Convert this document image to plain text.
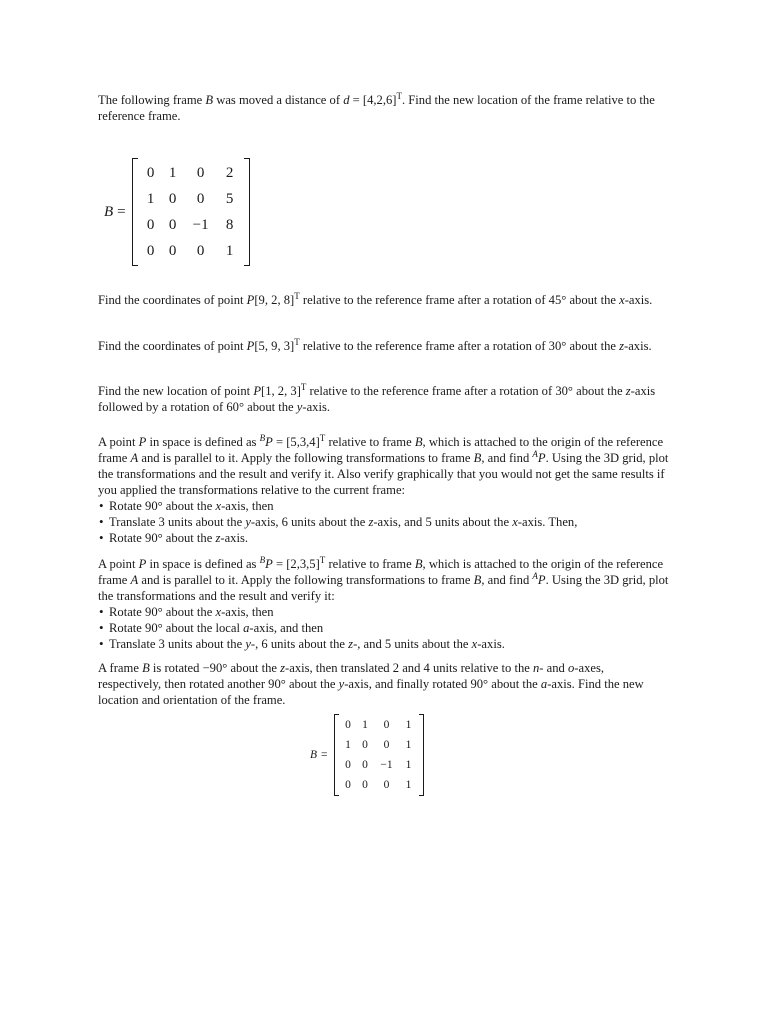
The following frame B was moved a distance of $d = [4,2,6]^T$. Find the new location of the frame relative to the reference frame.

B =
0 1	0	2
1 0	0	5
0 0	−1	8
0 0	0	1

Find the coordinates of point P[9, 2, 8]$^T$ relative to the reference frame after a rotation of 45° about the x-axis.

Find the coordinates of point P[5, 9, 3]$^T$ relative to the reference frame after a rotation of 30° about the z-axis.

Find the new location of point P[1, 2, 3]$^T$ relative to the reference frame after a rotation of 30° about the z-axis followed by a rotation of 60° about the y-axis.

A point P in space is defined as $^BP = [5,3,4]^T$ relative to frame B, which is attached to the origin of the reference frame A and is parallel to it. Apply the following transformations to frame B, and find $^A$P. Using the 3D grid, plot the transformations and the result and verify it. Also verify graphically that you would not get the same results if you applied the transformations relative to the current frame:

• Rotate 90° about the x-axis, then
• Translate 3 units about the y-axis, 6 units about the z-axis, and 5 units about the x-axis. Then,
• Rotate 90° about the z-axis.

A point P in space is defined as $^BP = [2,3,5]^T$ relative to frame B, which is attached to the origin of the reference frame A and is parallel to it. Apply the following transformations to frame B, and find $^A$P. Using the 3D grid, plot the transformations and the result and verify it:

• Rotate 90° about the x-axis, then
• Rotate 90° about the local a-axis, and then
• Translate 3 units about the y-, 6 units about the z-, and 5 units about the x-axis.

A frame B is rotated −90° about the z-axis, then translated 2 and 4 units relative to the n- and o-axes, respectively, then rotated another 90° about the y-axis, and finally rotated 90° about the a-axis. Find the new location and orientation of the frame.

B =
0 1	0	1
1 0	0	1
0 0	−1	1
0 0	0	1
